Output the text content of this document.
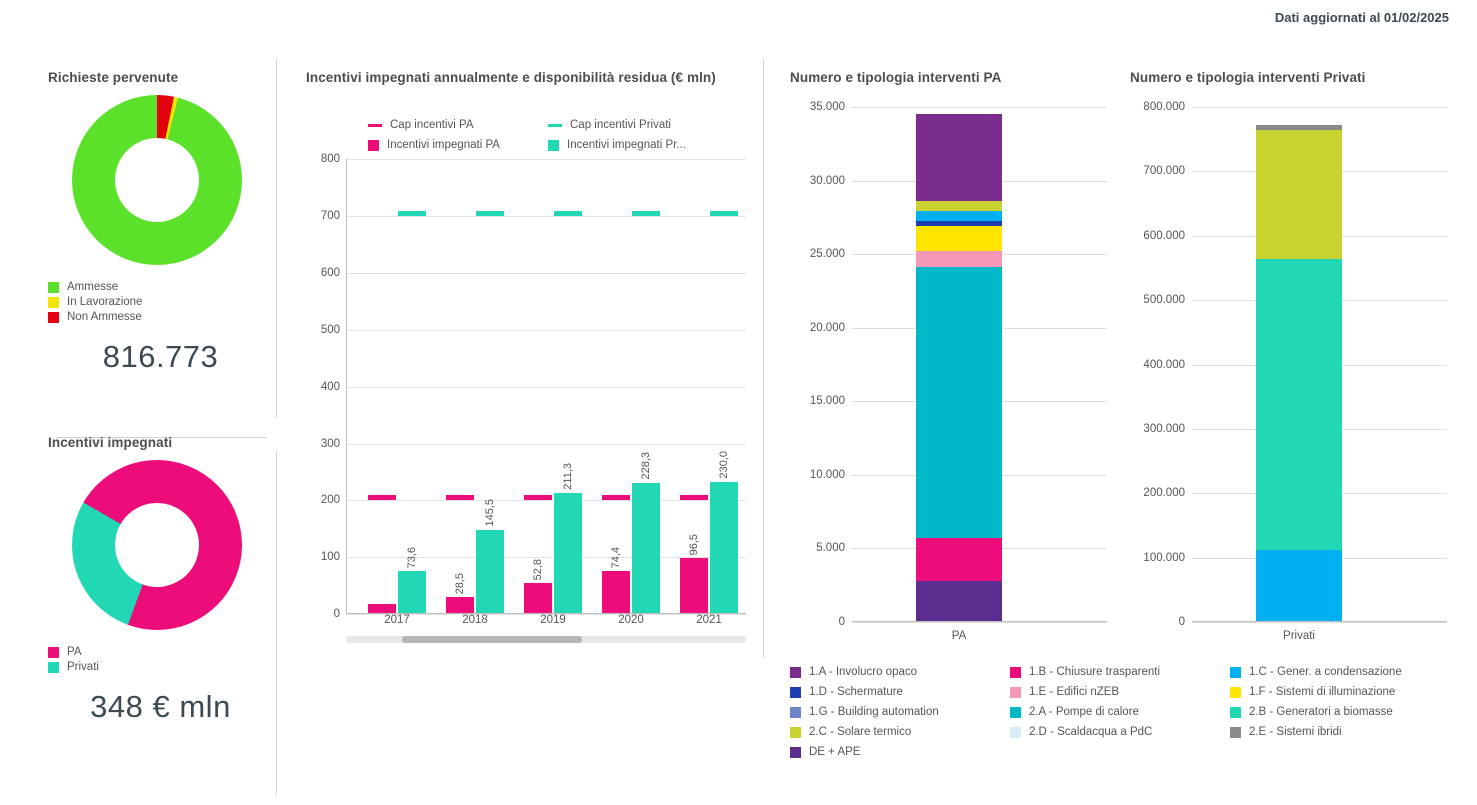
Dati aggiornati al 01/02/2025
Richieste pervenute
Ammesse
In Lavorazione
Non Ammesse
816.773
Incentivi impegnati
PA
Privati
348 € mln
Incentivi impegnati annualmente e disponibilità residua (€ mln)
Cap incentivi PA	Cap incentivi Privati
Incentivi impegnati PA	Incentivi impegnati Pr...
0
100
200
300
400
500
600
700
800
73,6
28,5
145,5
52,8
211,3
74,4
228,3
96,5
230,0
2017	2018	2019	2020	2021
Numero e tipologia interventi PA
0
5.000
10.000
15.000
20.000
25.000
30.000
35.000
PA
Numero e tipologia interventi Privati
0
100.000
200.000
300.000
400.000
500.000
600.000
700.000
800.000
Privati
1.A - Involucro opaco	1.B - Chiusure trasparenti	1.C - Gener. a condensazione
1.D - Schermature	1.E - Edifici nZEB	1.F - Sistemi di illuminazione
1.G - Building automation	2.A - Pompe di calore	2.B - Generatori a biomasse
2.C - Solare termico	2.D - Scaldacqua a PdC	2.E - Sistemi ibridi
DE + APE
